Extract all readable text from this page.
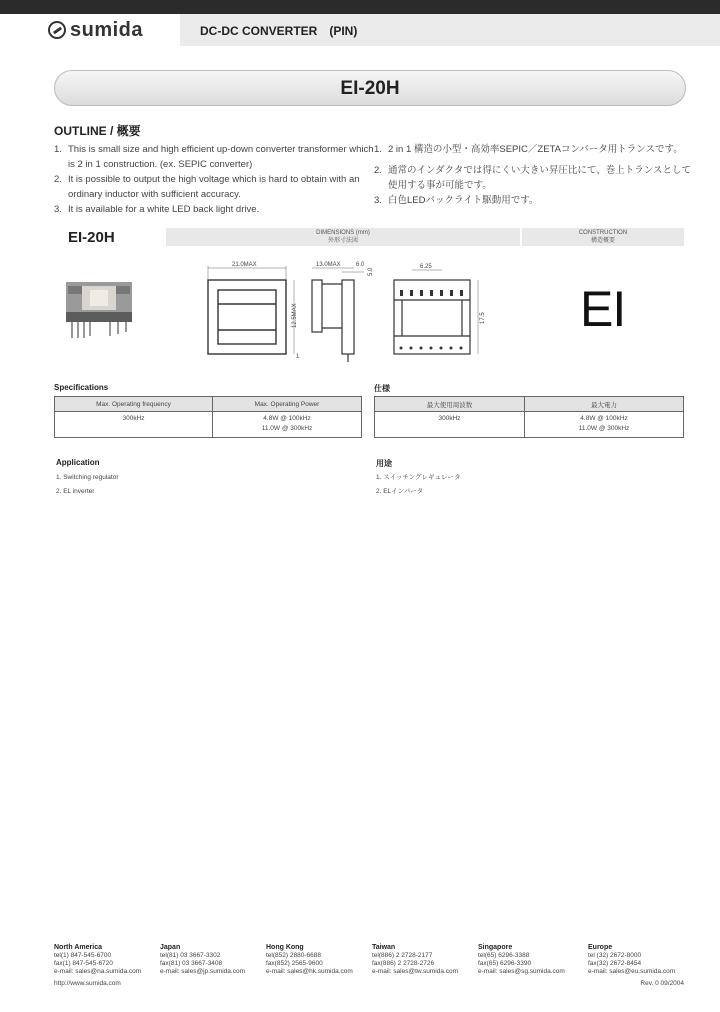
sumida	DC-DC CONVERTER　(PIN)
EI-20H
OUTLINE / 概要
1. This is small size and high efficient up-down converter transformer which is 2 in 1 construction. (ex. SEPIC converter)
2. It is possible to output the high voltage which is hard to obtain with an ordinary inductor with sufficient accuracy.
3. It is available for a white LED back light drive.
1. 2 in 1 構造の小型・高効率SEPIC／ZETAコンバータ用トランスです。
2. 通常のインダクタでは得にくい大きい昇圧比にて、巻上トランスとして使用する事が可能です。
3. 白色LEDバックライト駆動用です。
EI-20H	DIMENSIONS (mm)
外形寸法図
CONSTRUCTION
構造概要
21.0MAX
12.5MAX
1
13.0MAX	6.0
5.0
6.25
17.5 EI
Specifications
Max. Operating frequency	Max. Operating Power
300kHz	4.8W @ 100kHz
11.0W @ 300kHz
仕様
最大使用周波数	最大電力
300kHz	4.8W @ 100kHz
11.0W @ 300kHz
Application
1. Switching regulator
2. EL inverter
用途
1. スイッチングレギュレータ
2. ELインバータ
North America
tel(1) 847-545-6700
fax(1) 847-545-6720
e-mail: sales@na.sumida.com
Japan
tel(81) 03 3667-3302
fax(81) 03 3667-3408
e-mail: sales@jp.sumida.com
Hong Kong
tel(852) 2880-6688
fax(852) 2565-9600
e-mail: sales@hk.sumida.com
Taiwan
tel(886) 2 2728-2177
fax(886) 2 2728-2726
e-mail: sales@tw.sumida.com
Singapore
tel(65) 6296-3388
fax(65) 6296-3390
e-mail: sales@sg.sumida.com
Europe
tel (32) 2672-8000
fax(32) 2672-8454
e-mail: sales@eu.sumida.com
http://www.sumida.com	Rev. 0 09/2004
